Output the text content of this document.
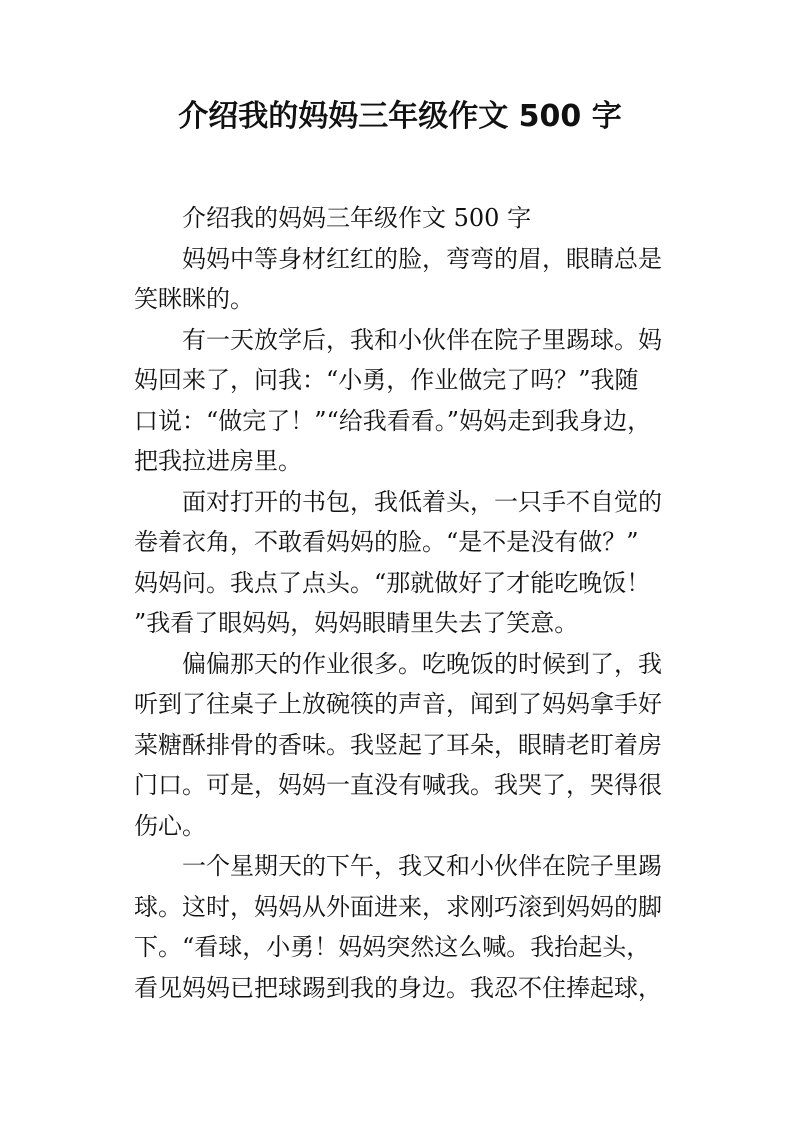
介绍我的妈妈三年级作文 500 字

介绍我的妈妈三年级作文 500 字

妈妈中等身材红红的脸，弯弯的眉，眼睛总是
笑眯眯的。

有一天放学后，我和小伙伴在院子里踢球。妈
妈回来了，问我：“小勇，作业做完了吗？”我随
口说：“做完了！”“给我看看。”妈妈走到我身边，
把我拉进房里。

面对打开的书包，我低着头，一只手不自觉的
卷着衣角，不敢看妈妈的脸。“是不是没有做？”
妈妈问。我点了点头。“那就做好了才能吃晚饭！
”我看了眼妈妈，妈妈眼睛里失去了笑意。

偏偏那天的作业很多。吃晚饭的时候到了，我
听到了往桌子上放碗筷的声音，闻到了妈妈拿手好
菜糖酥排骨的香味。我竖起了耳朵，眼睛老盯着房
门口。可是，妈妈一直没有喊我。我哭了，哭得很
伤心。

一个星期天的下午，我又和小伙伴在院子里踢
球。这时，妈妈从外面进来，求刚巧滚到妈妈的脚
下。“看球，小勇！妈妈突然这么喊。我抬起头，
看见妈妈已把球踢到我的身边。我忍不住捧起球，
